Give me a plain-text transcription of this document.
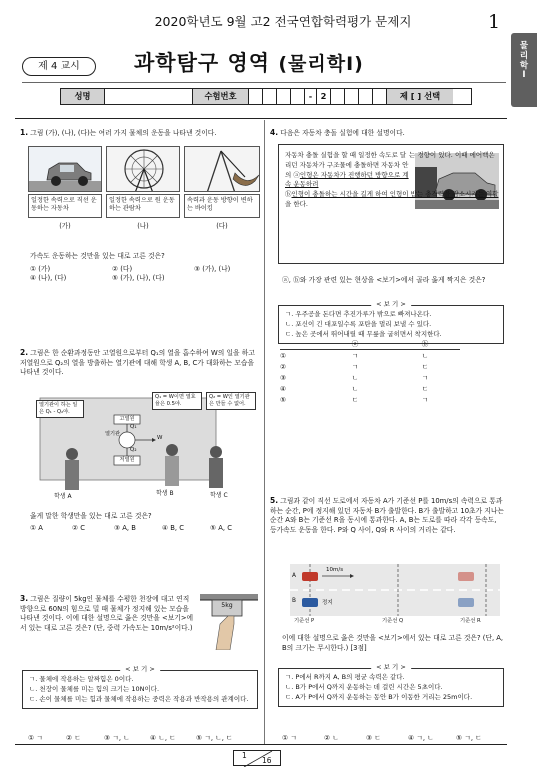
2020학년도 9월 고2 전국연합학력평가 문제지	1
물
리
학
Ⅰ
제 4 교시	과학탐구 영역 (물리학Ⅰ)
성명	수험번호	-	2	제 [ ] 선택
1. 그림 (가), (나), (다)는 여러 가지 물체의 운동을 나타낸 것이다.
일정한 속력으로 직선 운동하는 자동차
일정한 속력으로 원 운동하는 관람차
속력과 운동 방향이 변하는 바이킹
(가)	(나)	(다)
가속도 운동하는 것만을 있는 대로 고른 것은?
① (가)	② (다)	③ (가), (나)
④ (나), (다)	⑤ (가), (나), (다)
2. 그림은 한 순환과정동안 고열원으로부터 Q₁의 열을 흡수하여 W의 일을 하고 저열원으로 Q₂의 열을 방출하는 열기관에 대해 학생 A, B, C가 대화하는 모습을 나타낸 것이다.
열기관이 하는 일은 Q₁ - Q₂야.
Q₁ = W이면 열효율은 0.5야.
Q₂ = W인 열기관은 만들 수 없어.
고열원
열기관
저열원
Q₁
Q₂
W
학생 A	학생 B	학생 C
옳게 말한 학생만을 있는 대로 고른 것은?
① A	② C	③ A, B	④ B, C	⑤ A, C
3. 그림은 질량이 5kg인 물체를 수평한 천장에 대고 연직 방향으로 60N의 힘으로 밀 때 물체가 정지해 있는 모습을 나타낸 것이다. 이에 대한 설명으로 옳은 것만을 <보기>에서 있는 대로 고른 것은? (단, 중력 가속도는 10m/s²이다.)
5kg
< 보 기 >
ㄱ. 물체에 작용하는 알짜힘은 0이다.
ㄴ. 천장이 물체를 미는 힘의 크기는 10N이다.
ㄷ. 손이 물체를 미는 힘과 물체에 작용하는 중력은 작용과 반작용의 관계이다.
① ㄱ	② ㄷ	③ ㄱ, ㄴ	④ ㄴ, ㄷ	⑤ ㄱ, ㄴ, ㄷ
4. 다음은 자동차 충돌 실험에 대한 설명이다.
자동차 충돌 실험을 할 때 일정한 속도로 달리던 자동차가 구조물에 충돌하면 자동차 안의 ⓐ인형은 자동차가 진행하던 방향으로 계속 운동하려는 경향이 있다. 이때 에어백은 ⓑ인형이 충돌하는 시간을 길게 하여 인형이 받는 충격력을 감소시키는 역할을 한다.
ⓐ, ⓑ와 가장 관련 있는 현상을 <보기>에서 골라 옳게 짝지은 것은?
< 보 기 >
ㄱ. 우주공을 돈다면 추진가루가 밖으로 빠져나온다.
ㄴ. 포신이 긴 대포일수록 포탄을 멀리 보낼 수 있다.
ㄷ. 높은 곳에서 뛰어내릴 때 무릎을 굽히면서 착지한다.
ⓐ	ⓑ
①	ㄱ	ㄴ
②	ㄱ	ㄷ
③	ㄴ	ㄱ
④	ㄴ	ㄷ
⑤	ㄷ	ㄱ
5. 그림과 같이 직선 도로에서 자동차 A가 기준선 P를 10m/s의 속력으로 통과하는 순간, P에 정지해 있던 자동차 B가 출발한다. B가 출발하고 10초가 지나는 순간 A와 B는 기준선 R을 동시에 통과한다. A, B는 도로를 따라 각각 등속도, 등가속도 운동을 한다. P와 Q 사이, Q와 R 사이의 거리는 같다.
10m/s
정지
A
B
기준선 P	기준선 Q	기준선 R
이에 대한 설명으로 옳은 것만을 <보기>에서 있는 대로 고른 것은? (단, A, B의 크기는 무시한다.) [3점]
< 보 기 >
ㄱ. P에서 R까지 A, B의 평균 속력은 같다.
ㄴ. B가 P에서 Q까지 운동하는 데 걸린 시간은 5초이다.
ㄷ. A가 P에서 Q까지 운동하는 동안 B가 이동한 거리는 25m이다.
① ㄱ	② ㄴ	③ ㄷ	④ ㄱ, ㄴ	⑤ ㄱ, ㄷ
1
16
